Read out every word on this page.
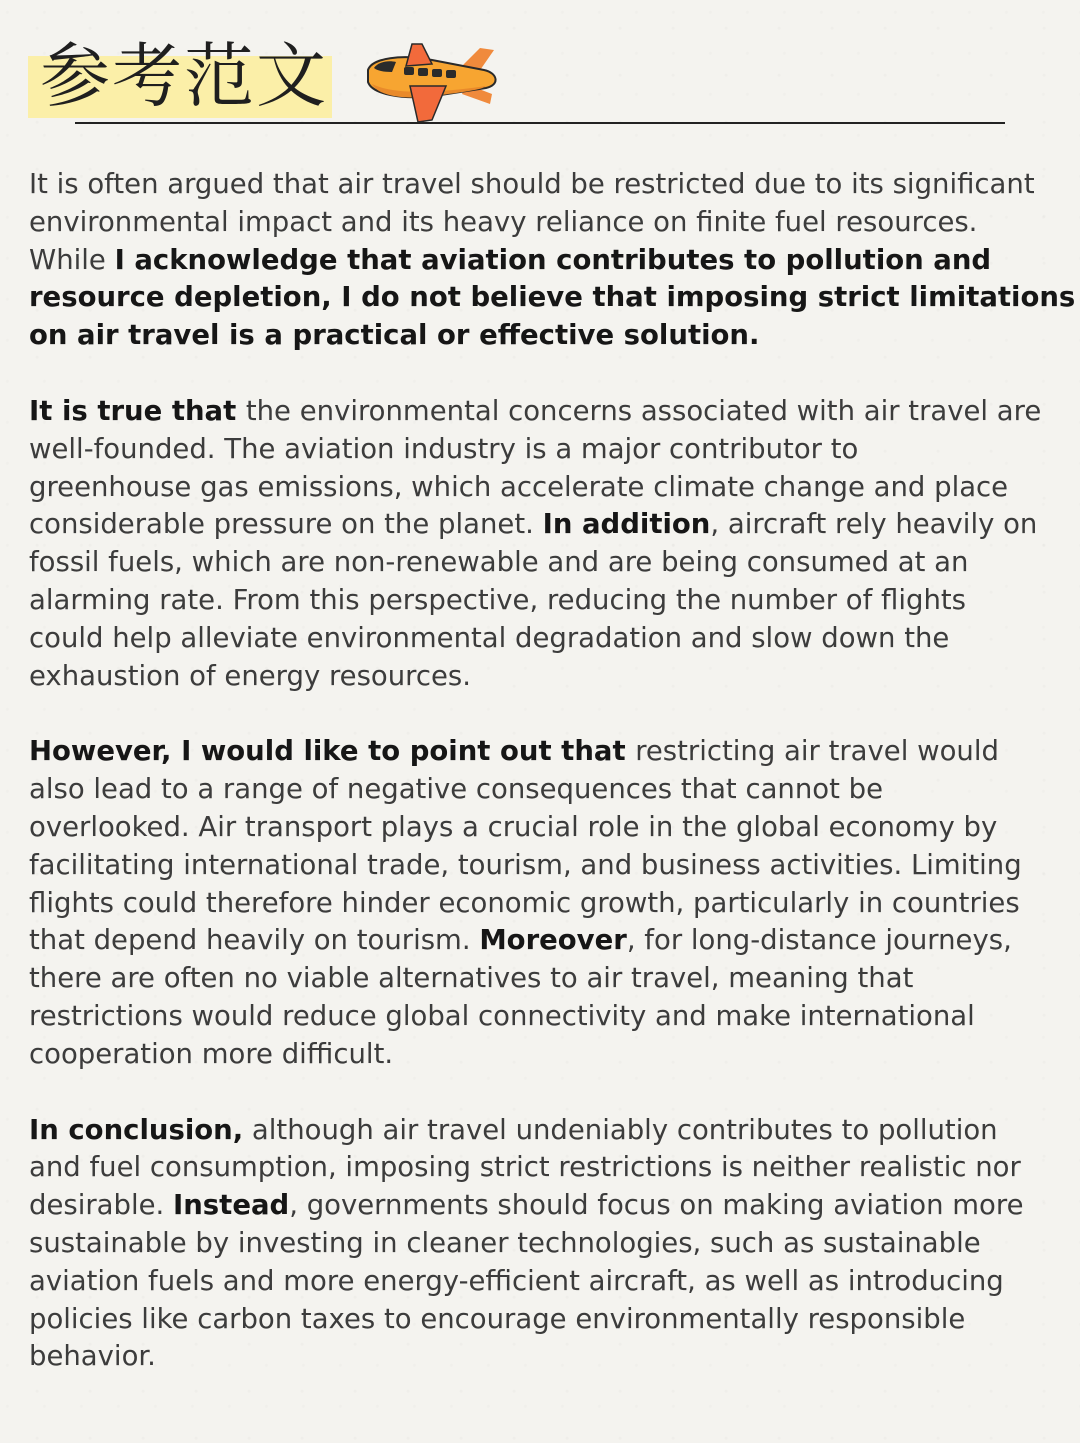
参考范文

It is often argued that air travel should be restricted due to its significant
environmental impact and its heavy reliance on finite fuel resources.
While I acknowledge that aviation contributes to pollution and
resource depletion, I do not believe that imposing strict limitations
on air travel is a practical or effective solution.

It is true that the environmental concerns associated with air travel are
well-founded. The aviation industry is a major contributor to
greenhouse gas emissions, which accelerate climate change and place
considerable pressure on the planet. In addition, aircraft rely heavily on
fossil fuels, which are non-renewable and are being consumed at an
alarming rate. From this perspective, reducing the number of flights
could help alleviate environmental degradation and slow down the
exhaustion of energy resources.

However, I would like to point out that restricting air travel would
also lead to a range of negative consequences that cannot be
overlooked. Air transport plays a crucial role in the global economy by
facilitating international trade, tourism, and business activities. Limiting
flights could therefore hinder economic growth, particularly in countries
that depend heavily on tourism. Moreover, for long-distance journeys,
there are often no viable alternatives to air travel, meaning that
restrictions would reduce global connectivity and make international
cooperation more difficult.

In conclusion, although air travel undeniably contributes to pollution
and fuel consumption, imposing strict restrictions is neither realistic nor
desirable. Instead, governments should focus on making aviation more
sustainable by investing in cleaner technologies, such as sustainable
aviation fuels and more energy-efficient aircraft, as well as introducing
policies like carbon taxes to encourage environmentally responsible
behavior.
